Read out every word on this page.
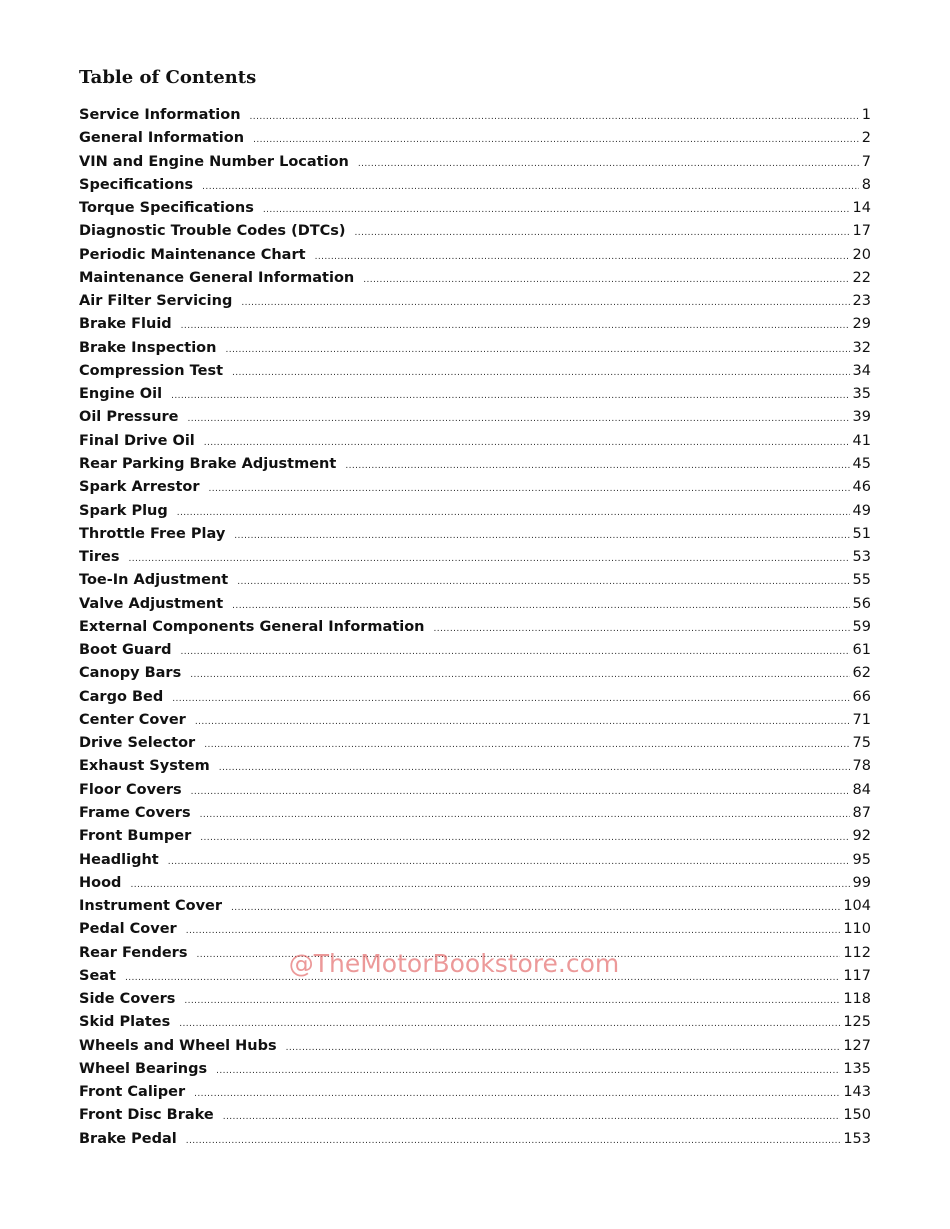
Table of Contents
Service Information .....	1
General Information .....	2
VIN and Engine Number Location .....	7
Specifications .....	8
Torque Specifications .....	14
Diagnostic Trouble Codes (DTCs) .....	17
Periodic Maintenance Chart .....	20
Maintenance General Information .....	22
Air Filter Servicing .....	23
Brake Fluid .....	29
Brake Inspection .....	32
Compression Test .....	34
Engine Oil .....	35
Oil Pressure .....	39
Final Drive Oil .....	41
Rear Parking Brake Adjustment .....	45
Spark Arrestor .....	46
Spark Plug .....	49
Throttle Free Play .....	51
Tires .....	53
Toe-In Adjustment .....	55
Valve Adjustment .....	56
External Components General Information .....	59
Boot Guard .....	61
Canopy Bars .....	62
Cargo Bed .....	66
Center Cover .....	71
Drive Selector .....	75
Exhaust System .....	78
Floor Covers .....	84
Frame Covers .....	87
Front Bumper .....	92
Headlight .....	95
Hood .....	99
Instrument Cover .....	104
Pedal Cover .....	110
Rear Fenders .....	112
Seat .....	117
Side Covers .....	118
Skid Plates .....	125
Wheels and Wheel Hubs .....	127
Wheel Bearings .....	135
Front Caliper .....	143
Front Disc Brake .....	150
Brake Pedal .....	153
@TheMotorBookstore.com
